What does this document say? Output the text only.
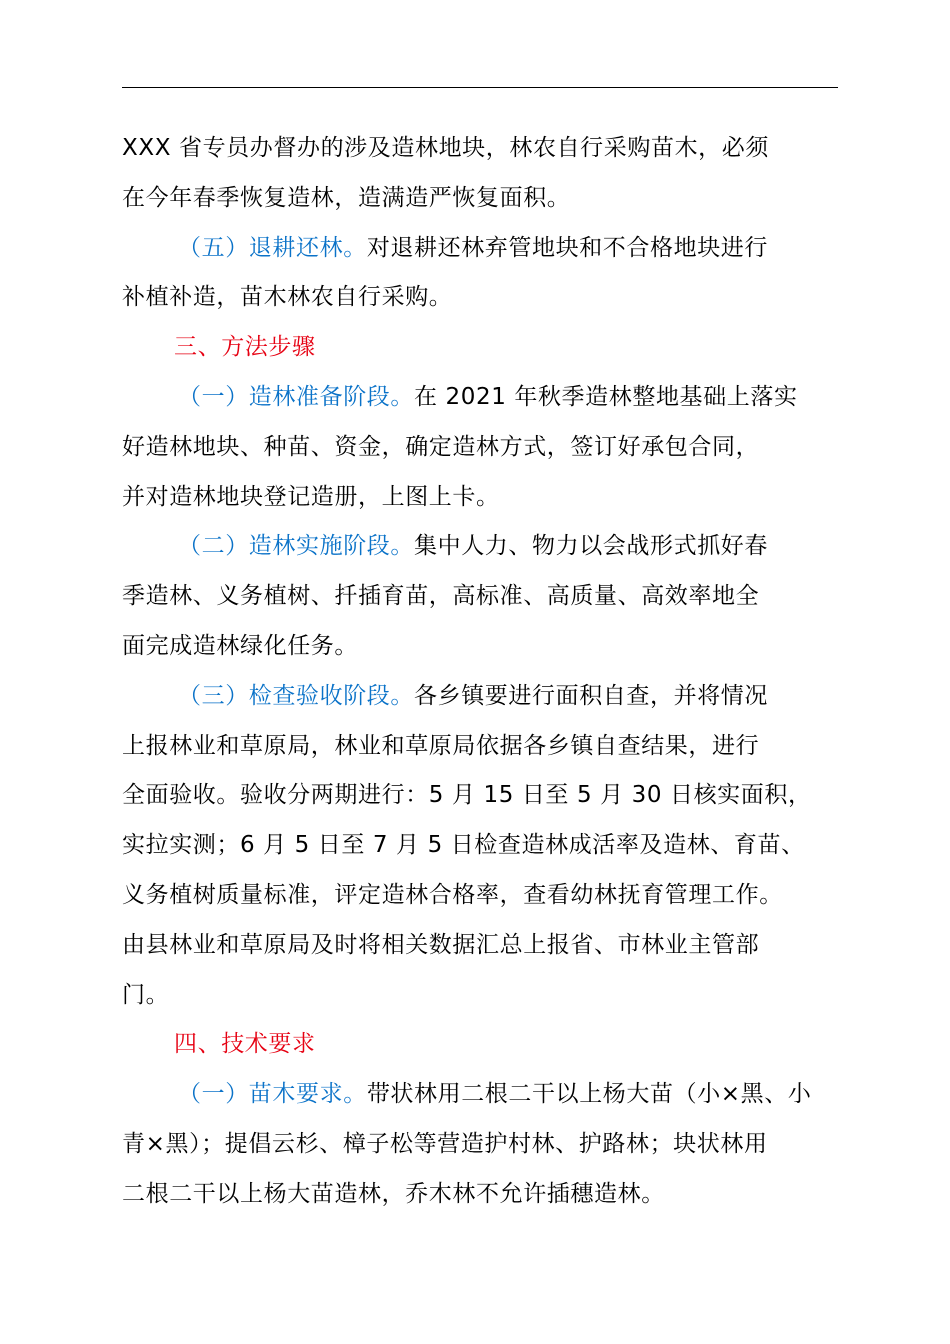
XXX 省专员办督办的涉及造林地块，林农自行采购苗木，必须
在今年春季恢复造林，造满造严恢复面积。
（五）退耕还林。对退耕还林弃管地块和不合格地块进行
补植补造，苗木林农自行采购。
三、方法步骤
（一）造林准备阶段。在 2021 年秋季造林整地基础上落实
好造林地块、种苗、资金，确定造林方式，签订好承包合同，
并对造林地块登记造册，上图上卡。
（二）造林实施阶段。集中人力、物力以会战形式抓好春
季造林、义务植树、扦插育苗，高标准、高质量、高效率地全
面完成造林绿化任务。
（三）检查验收阶段。各乡镇要进行面积自查，并将情况
上报林业和草原局，林业和草原局依据各乡镇自查结果，进行
全面验收。验收分两期进行：5 月 15 日至 5 月 30 日核实面积，
实拉实测；6 月 5 日至 7 月 5 日检查造林成活率及造林、育苗、
义务植树质量标准，评定造林合格率，查看幼林抚育管理工作。
由县林业和草原局及时将相关数据汇总上报省、市林业主管部
门。
四、技术要求
（一）苗木要求。带状林用二根二干以上杨大苗（小×黑、小
青×黑）；提倡云杉、樟子松等营造护村林、护路林；块状林用
二根二干以上杨大苗造林，乔木林不允许插穗造林。
